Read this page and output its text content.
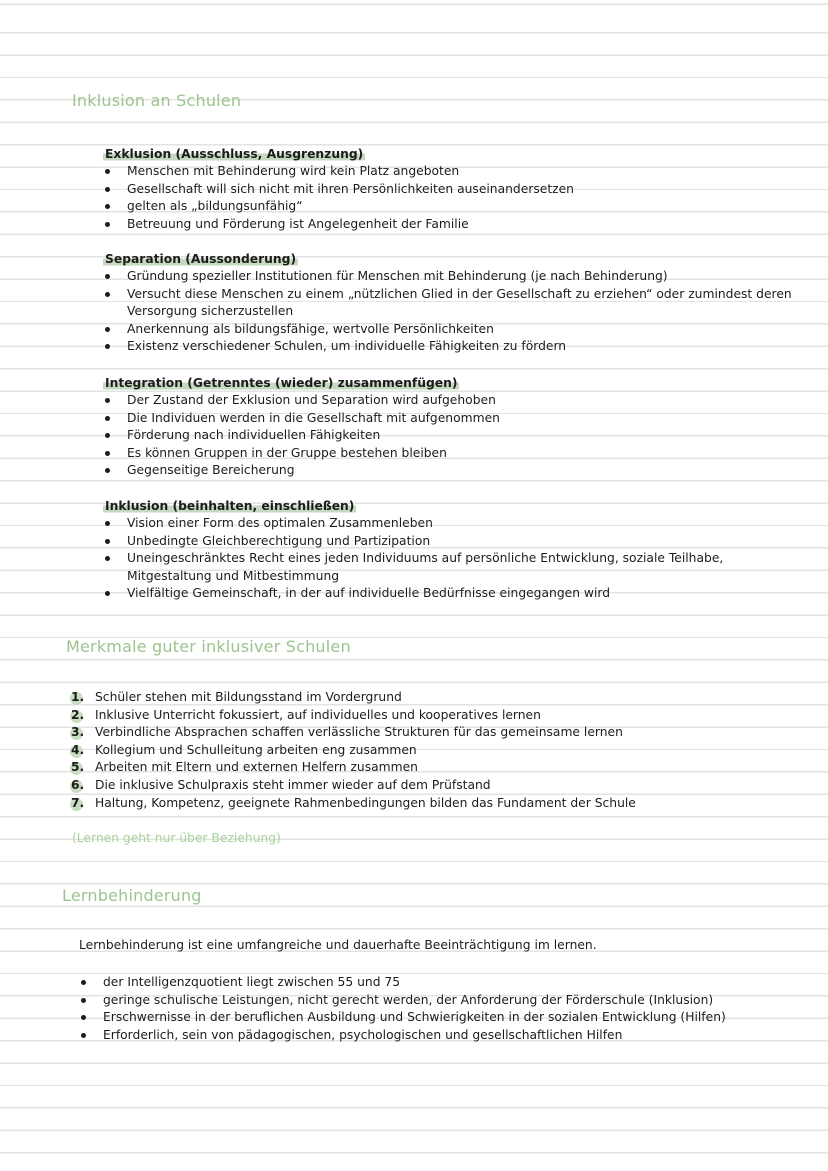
Inklusion an Schulen
Exklusion (Ausschluss, Ausgrenzung)
Menschen mit Behinderung wird kein Platz angeboten
Gesellschaft will sich nicht mit ihren Persönlichkeiten auseinandersetzen
gelten als „bildungsunfähig“
Betreuung und Förderung ist Angelegenheit der Familie
Separation (Aussonderung)
Gründung spezieller Institutionen für Menschen mit Behinderung (je nach Behinderung)
Versucht diese Menschen zu einem „nützlichen Glied in der Gesellschaft zu erziehen“ oder zumindest deren Versorgung sicherzustellen
Anerkennung als bildungsfähige, wertvolle Persönlichkeiten
Existenz verschiedener Schulen, um individuelle Fähigkeiten zu fördern
Integration (Getrenntes (wieder) zusammenfügen)
Der Zustand der Exklusion und Separation wird aufgehoben
Die Individuen werden in die Gesellschaft mit aufgenommen
Förderung nach individuellen Fähigkeiten
Es können Gruppen in der Gruppe bestehen bleiben
Gegenseitige Bereicherung
Inklusion (beinhalten, einschließen)
Vision einer Form des optimalen Zusammenleben
Unbedingte Gleichberechtigung und Partizipation
Uneingeschränktes Recht eines jeden Individuums auf persönliche Entwicklung, soziale Teilhabe, Mitgestaltung und Mitbestimmung
Vielfältige Gemeinschaft, in der auf individuelle Bedürfnisse eingegangen wird
Merkmale guter inklusiver Schulen
1. Schüler stehen mit Bildungsstand im Vordergrund
2. Inklusive Unterricht fokussiert, auf individuelles und kooperatives lernen
3. Verbindliche Absprachen schaffen verlässliche Strukturen für das gemeinsame lernen
4. Kollegium und Schulleitung arbeiten eng zusammen
5. Arbeiten mit Eltern und externen Helfern zusammen
6. Die inklusive Schulpraxis steht immer wieder auf dem Prüfstand
7. Haltung, Kompetenz, geeignete Rahmenbedingungen bilden das Fundament der Schule
(Lernen geht nur über Beziehung)
Lernbehinderung
Lernbehinderung ist eine umfangreiche und dauerhafte Beeinträchtigung im lernen.
der Intelligenzquotient liegt zwischen 55 und 75
geringe schulische Leistungen, nicht gerecht werden, der Anforderung der Förderschule (Inklusion)
Erschwernisse in der beruflichen Ausbildung und Schwierigkeiten in der sozialen Entwicklung (Hilfen)
Erforderlich, sein von pädagogischen, psychologischen und gesellschaftlichen Hilfen
